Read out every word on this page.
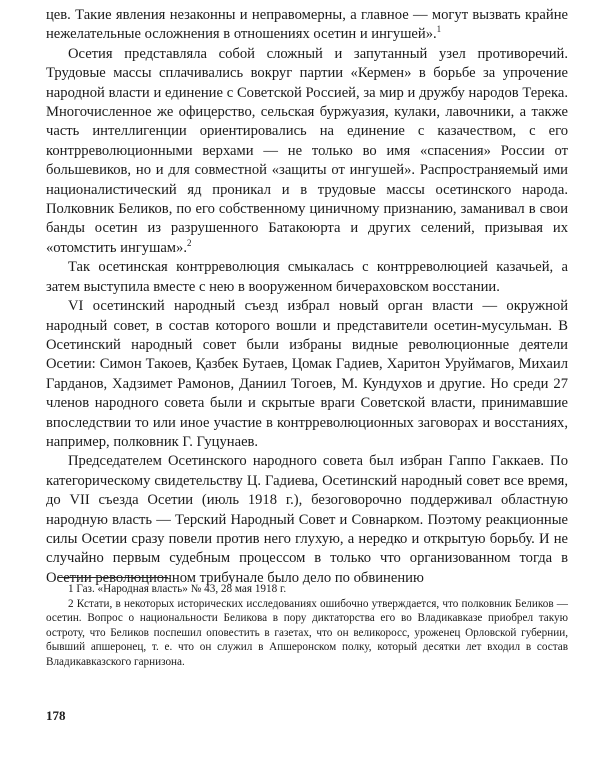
цев. Такие явления незаконны и неправомерны, а главное — могут вызвать крайне нежелательные осложнения в отношениях осетин и ингушей».$^1$

Осетия представляла собой сложный и запутанный узел противоречий. Трудовые массы сплачивались вокруг партии «Кермен» в борьбе за упрочение народной власти и единение с Советской Россией, за мир и дружбу народов Терека. Многочисленное же офицерство, сельская буржуазия, кулаки, лавочники, а также часть интеллигенции ориентировались на единение с казачеством, с его контрреволюционными верхами — не только во имя «спасения» России от большевиков, но и для совместной «защиты от ингушей». Распространяемый ими националистический яд проникал и в трудовые массы осетинского народа. Полковник Беликов, по его собственному циничному признанию, заманивал в свои банды осетин из разрушенного Батакоюрта и других селений, призывая их «отомстить ингушам».$^2$

Так осетинская контрреволюция смыкалась с контрреволюцией казачьей, а затем выступила вместе с нею в вооруженном бичераховском восстании.

VI осетинский народный съезд избрал новый орган власти — окружной народный совет, в состав которого вошли и представители осетин-мусульман. В Осетинский народный совет были избраны видные революционные деятели Осетии: Симон Такоев, Қазбек Бутаев, Цомак Гадиев, Харитон Уруймагов, Михаил Гарданов, Хадзимет Рамонов, Даниил Тогоев, М. Кундухов и другие. Но среди 27 членов народного совета были и скрытые враги Советской власти, принимавшие впоследствии то или иное участие в контрреволюционных заговорах и восстаниях, например, полковник Г. Гуцунаев.

Председателем Осетинского народного совета был избран Гаппо Гаккаев. По категорическому свидетельству Ц. Гадиева, Осетинский народный совет все время, до VII съезда Осетии (июль 1918 г.), безоговорочно поддерживал областную народную власть — Терский Народный Совет и Совнарком. Поэтому реакционные силы Осетии сразу повели против него глухую, а нередко и открытую борьбу. И не случайно первым судебным процессом в только что организованном тогда в Осетии революционном трибунале было дело по обвинению

1 Газ. «Народная власть» № 43, 28 мая 1918 г.

2 Кстати, в некоторых исторических исследованиях ошибочно утверждается, что полковник Беликов — осетин. Вопрос о национальности Беликова в пору диктаторства его во Владикавказе приобрел такую остроту, что Беликов поспешил оповестить в газетах, что он великоросс, уроженец Орловской губернии, бывший апшеронец, т. е. что он служил в Апшеронском полку, который десятки лет входил в состав Владикавказского гарнизона.

178
